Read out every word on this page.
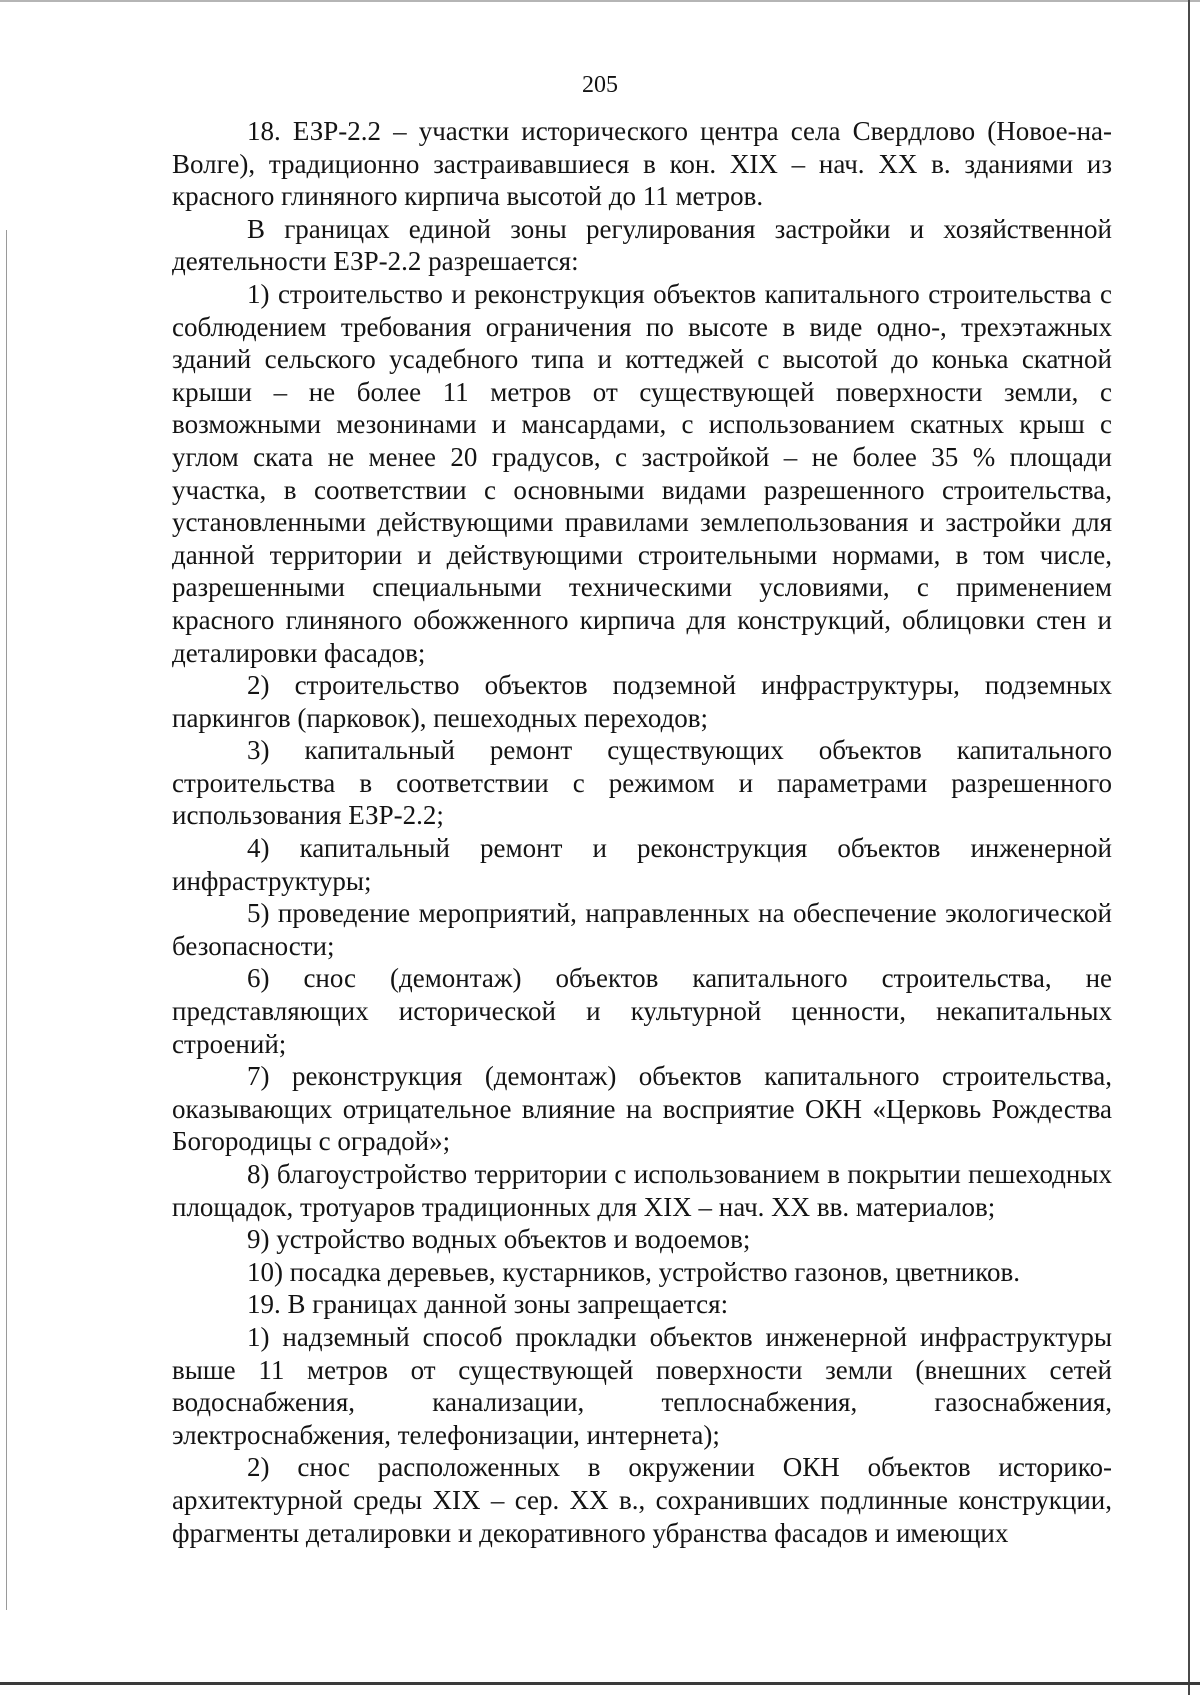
205

18. ЕЗР-2.2 – участки исторического центра села Свердлово (Новое-на-Волге), традиционно застраивавшиеся в кон. XIX – нач. XX в. зданиями из красного глиняного кирпича высотой до 11 метров.

В границах единой зоны регулирования застройки и хозяйственной деятельности ЕЗР-2.2 разрешается:

1) строительство и реконструкция объектов капитального строительства с соблюдением требования ограничения по высоте в виде одно-, трехэтажных зданий сельского усадебного типа и коттеджей с высотой до конька скатной крыши – не более 11 метров от существующей поверхности земли, с возможными мезонинами и мансардами, с использованием скатных крыш с углом ската не менее 20 градусов, с застройкой – не более 35 % площади участка, в соответствии с основными видами разрешенного строительства, установленными действующими правилами землепользования и застройки для данной территории и действующими строительными нормами, в том числе, разрешенными специальными техническими условиями, с применением красного глиняного обожженного кирпича для конструкций, облицовки стен и деталировки фасадов;

2) строительство объектов подземной инфраструктуры, подземных паркингов (парковок), пешеходных переходов;

3) капитальный ремонт существующих объектов капитального строительства в соответствии с режимом и параметрами разрешенного использования ЕЗР-2.2;

4) капитальный ремонт и реконструкция объектов инженерной инфраструктуры;

5) проведение мероприятий, направленных на обеспечение экологической безопасности;

6) снос (демонтаж) объектов капитального строительства, не представляющих исторической и культурной ценности, некапитальных строений;

7) реконструкция (демонтаж) объектов капитального строительства, оказывающих отрицательное влияние на восприятие ОКН «Церковь Рождества Богородицы с оградой»;

8) благоустройство территории с использованием в покрытии пешеходных площадок, тротуаров традиционных для XIX – нач. XX вв. материалов;

9) устройство водных объектов и водоемов;

10) посадка деревьев, кустарников, устройство газонов, цветников.

19. В границах данной зоны запрещается:

1) надземный способ прокладки объектов инженерной инфраструктуры выше 11 метров от существующей поверхности земли (внешних сетей водоснабжения, канализации, теплоснабжения, газоснабжения, электроснабжения, телефонизации, интернета);

2) снос расположенных в окружении ОКН объектов историко-архитектурной среды XIX – сер. XX в., сохранивших подлинные конструкции, фрагменты деталировки и декоративного убранства фасадов и имеющих
